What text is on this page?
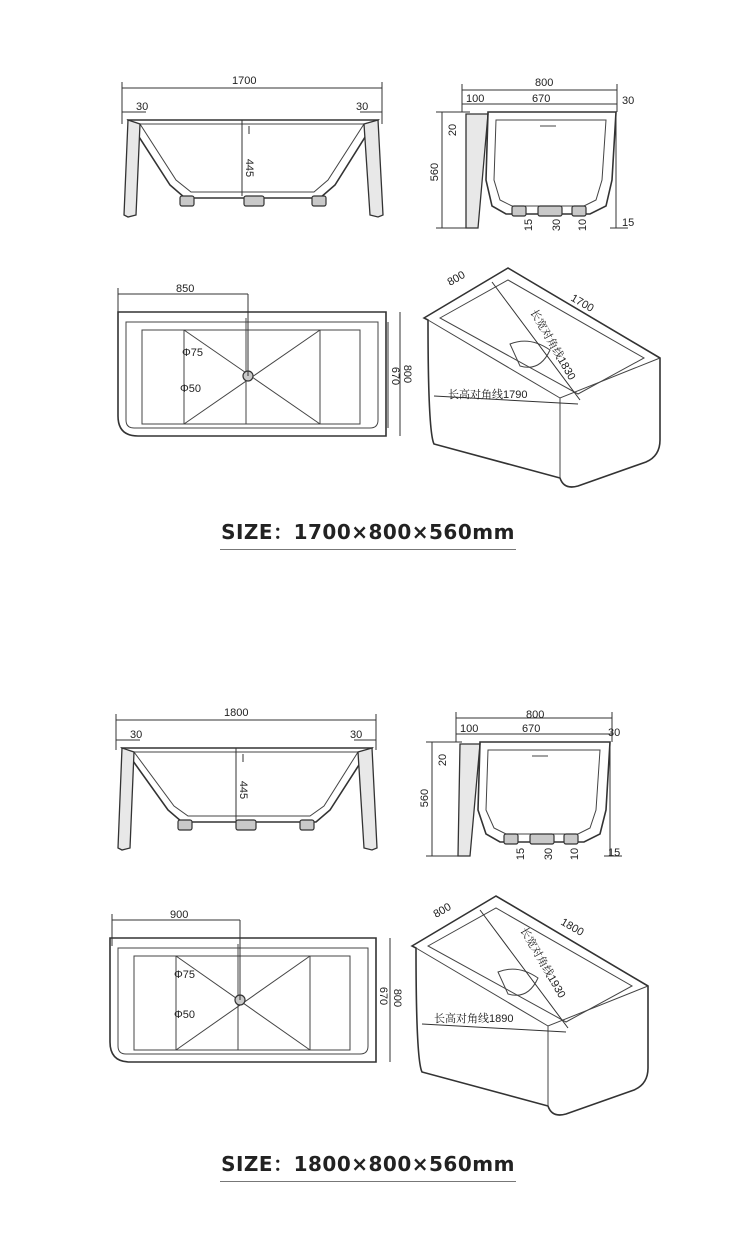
1700
30	30
445
800
100	670	30
560
20
15 30 10	15
850
Φ75
Φ50
670 800
800
1700
长宽对角线1830
长高对角线1790
SIZE：1700×800×560mm
1800
30	30
445
800
100	670	30
560
20
15 30 10 15
900
Φ75
Φ50
670 800
800
1800
长宽对角线1930
长高对角线1890
SIZE：1800×800×560mm
